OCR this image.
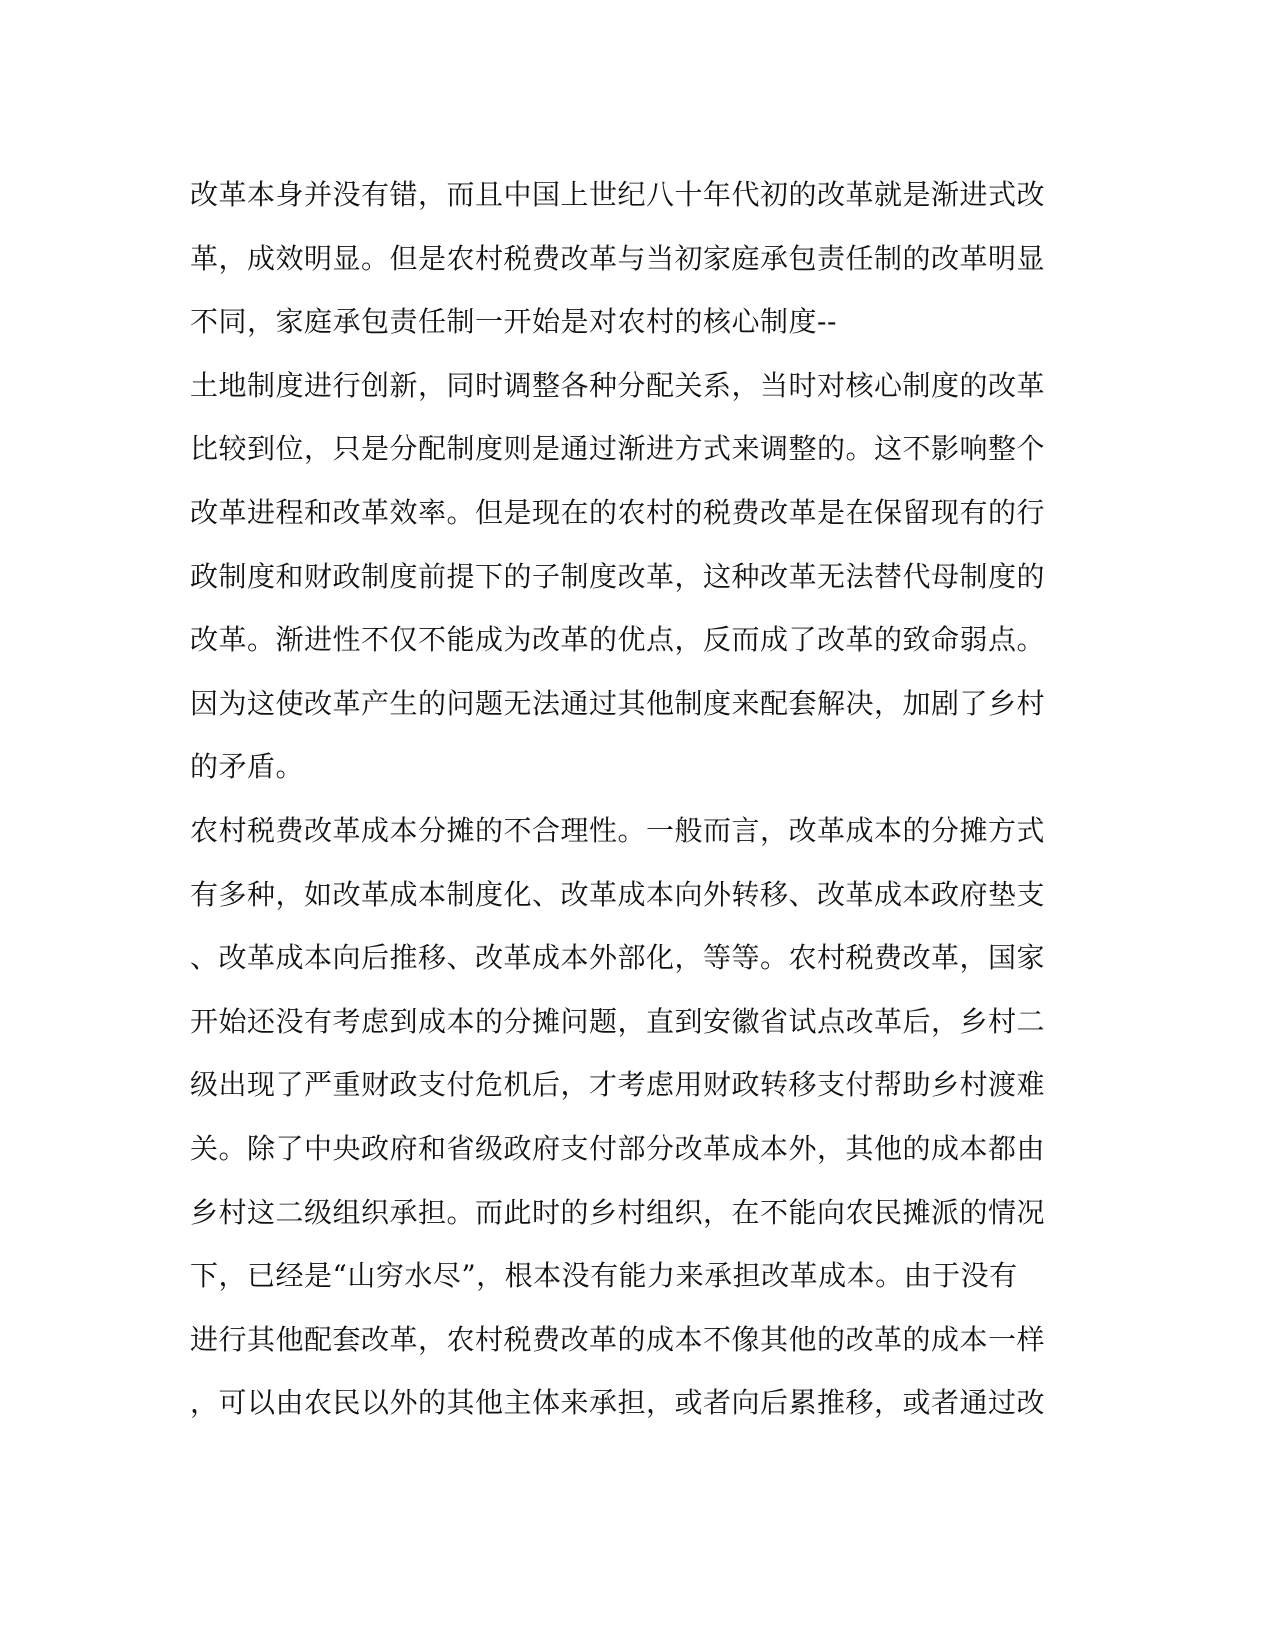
改革本身并没有错，而且中国上世纪八十年代初的改革就是渐进式改
革，成效明显。但是农村税费改革与当初家庭承包责任制的改革明显
不同，家庭承包责任制一开始是对农村的核心制度--
土地制度进行创新，同时调整各种分配关系，当时对核心制度的改革
比较到位，只是分配制度则是通过渐进方式来调整的。这不影响整个
改革进程和改革效率。但是现在的农村的税费改革是在保留现有的行
政制度和财政制度前提下的子制度改革，这种改革无法替代母制度的
改革。渐进性不仅不能成为改革的优点，反而成了改革的致命弱点。
因为这使改革产生的问题无法通过其他制度来配套解决，加剧了乡村
的矛盾。
农村税费改革成本分摊的不合理性。一般而言，改革成本的分摊方式
有多种，如改革成本制度化、改革成本向外转移、改革成本政府垫支
、改革成本向后推移、改革成本外部化，等等。农村税费改革，国家
开始还没有考虑到成本的分摊问题，直到安徽省试点改革后，乡村二
级出现了严重财政支付危机后，才考虑用财政转移支付帮助乡村渡难
关。除了中央政府和省级政府支付部分改革成本外，其他的成本都由
乡村这二级组织承担。而此时的乡村组织，在不能向农民摊派的情况
下，已经是“山穷水尽”，根本没有能力来承担改革成本。由于没有
进行其他配套改革，农村税费改革的成本不像其他的改革的成本一样
，可以由农民以外的其他主体来承担，或者向后累推移，或者通过改
